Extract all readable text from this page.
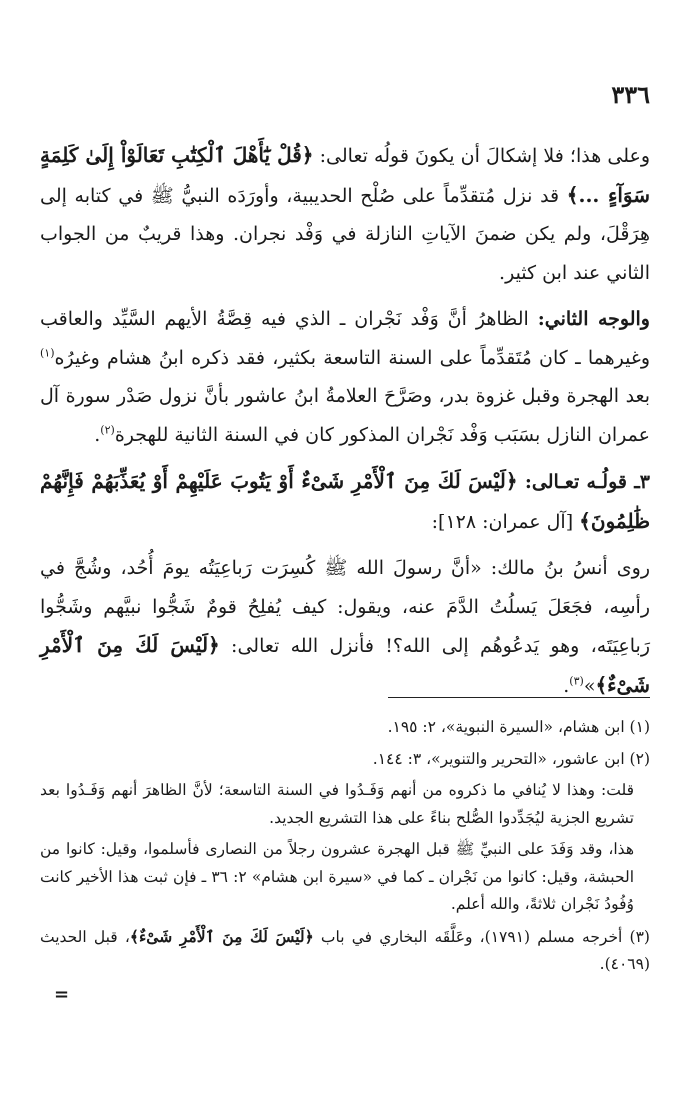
٣٣٦

وعلى هذا؛ فلا إشكالَ أن يكونَ قولُه تعالى: ﴿قُلْ يَٰٓأَهْلَ ٱلْكِتَٰبِ تَعَالَوْاْ إِلَىٰ كَلِمَةٍ سَوَآءٍ ...﴾ قد نزل مُتقدِّماً على صُلْح الحديبية، وأورَدَه النبيُّ ﷺ في كتابه إلى هِرَقْلَ، ولم يكن ضمنَ الآياتِ النازلة في وَفْد نجران. وهذا قريبٌ من الجواب الثاني عند ابن كثير.

والوجه الثاني: الظاهرُ أنَّ وَفْد نَجْران ـ الذي فيه قِصَّةُ الأيهم السَّيِّد والعاقب وغيرهما ـ كان مُتَقدِّماً على السنة التاسعة بكثير، فقد ذكره ابنُ هشام وغيرُه$^{(١)}$ بعد الهجرة وقبل غزوة بدر، وصَرَّحَ العلامةُ ابنُ عاشور بأنَّ نزول صَدْر سورة آل عمران النازل بسَبَب وَفْد نَجْران المذكور كان في السنة الثانية للهجرة$^{(٢)}$.

٣ـ قولُـه تعـالى: ﴿لَيْسَ لَكَ مِنَ ٱلْأَمْرِ شَىْءٌ أَوْ يَتُوبَ عَلَيْهِمْ أَوْ يُعَذِّبَهُمْ فَإِنَّهُمْ ظَٰلِمُونَ﴾ [آل عمران: ١٢٨]:

روى أنسُ بنُ مالك: «أنَّ رسولَ الله ﷺ كُسِرَت رَباعِيَتُه يومَ أُحُد، وشُجَّ في رأسِه، فجَعَلَ يَسلُتُ الدَّمَ عنه، ويقول: كيف يُفلِحُ قومٌ شَجُّوا نبيَّهم وشَجُّوا رَباعِيَتَه، وهو يَدعُوهُم إلى الله؟! فأنزل الله تعالى: ﴿لَيْسَ لَكَ مِنَ ٱلْأَمْرِ شَىْءٌ﴾»$^{(٣)}$.

(١) ابن هشام، «السيرة النبوية»، ٢: ١٩٥.

(٢) ابن عاشور، «التحرير والتنوير»، ٣: ١٤٤.

قلت: وهذا لا يُنافي ما ذكروه من أنهم وَفَـدُوا في السنة التاسعة؛ لأنَّ الظاهرَ أنهم وَفَـدُوا بعد تشريع الجزية ليُجَدِّدوا الصُّلح بناءً على هذا التشريع الجديد.

هذا، وقد وَفَدَ على النبيِّ ﷺ قبل الهجرة عشرون رجلاً من النصارى فأسلموا، وقيل: كانوا من الحبشة، وقيل: كانوا من نَجْران ـ كما في «سيرة ابن هشام» ٢: ٣٦ ـ فإن ثبت هذا الأخير كانت وُفُودُ نَجْران ثلاثةً، والله أعلم.

(٣) أخرجه مسلم (١٧٩١)، وعَلَّقَه البخاري في باب ﴿لَيْسَ لَكَ مِنَ ٱلْأَمْرِ شَىْءٌ﴾، قبل الحديث (٤٠٦٩).

=
